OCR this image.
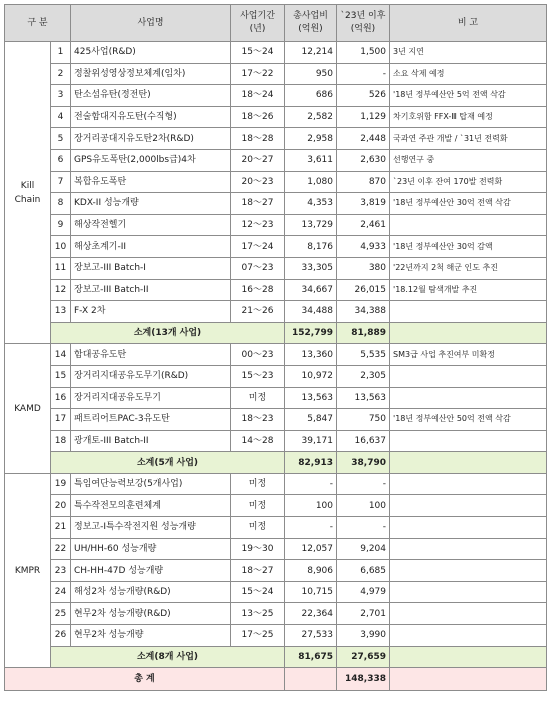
구 분		사업명	사업기간 (년)	총사업비 (억원)	`23년 이후 (억원)	비 고
Kill Chain	1	425사업(R&D)	15～24	12,214	1,500	3년 지연
	2	정찰위성영상정보체계(임차)	17～22	950	-	소요 삭제 예정
	3	탄소섬유탄(정전탄)	18～24	686	526	'18년 정부예산안 5억 전액 삭감
	4	전술함대지유도탄(수직형)	18～26	2,582	1,129	차기호위함 FFX-Ⅲ 탑재 예정
	5	장거리공대지유도탄2차(R&D)	18～28	2,958	2,448	국과연 주관 개발 / `31년 전력화
	6	GPS유도폭탄(2,000lbs급)4차	20～27	3,611	2,630	선행연구 중
	7	복합유도폭탄	20～23	1,080	870	`23년 이후 잔여 170발 전력화
	8	KDX-II 성능개량	18～27	4,353	3,819	'18년 정부예산안 30억 전액 삭감
	9	해상작전헬기	12～23	13,729	2,461	
	10	해상초계기-II	17～24	8,176	4,933	'18년 정부예산안 30억 감액
	11	장보고-III Batch-I	07～23	33,305	380	'22년까지 2척 해군 인도 추진
	12	장보고-III Batch-II	16～28	34,667	26,015	'18.12월 탐색개발 추진
	13	F-X 2차	21～26	34,488	34,388	
	소계(13개 사업)			152,799	81,889	
KAMD	14	함대공유도탄	00～23	13,360	5,535	SM3급 사업 추진여부 미확정
	15	장거리지대공유도무기(R&D)	15～23	10,972	2,305	
	16	장거리지대공유도무기	미정	13,563	13,563	
	17	패트리어트PAC-3유도탄	18～23	5,847	750	'18년 정부예산안 50억 전액 삭감
	18	광개토-III Batch-II	14～28	39,171	16,637	
	소계(5개 사업)			82,913	38,790	
KMPR	19	특임여단능력보강(5개사업)	미정	-	-	
	20	특수작전모의훈련체계	미정	100	100	
	21	정보고-I특수작전지원 성능개량	미정	-	-	
	22	UH/HH-60 성능개량	19～30	12,057	9,204	
	23	CH-HH-47D 성능개량	18～27	8,906	6,685	
	24	해성2차 성능개량(R&D)	15～24	10,715	4,979	
	25	현무2차 성능개량(R&D)	13～25	22,364	2,701	
	26	현무2차 성능개량	17～25	27,533	3,990	
	소계(8개 사업)			81,675	27,659	
총 계					148,338	
